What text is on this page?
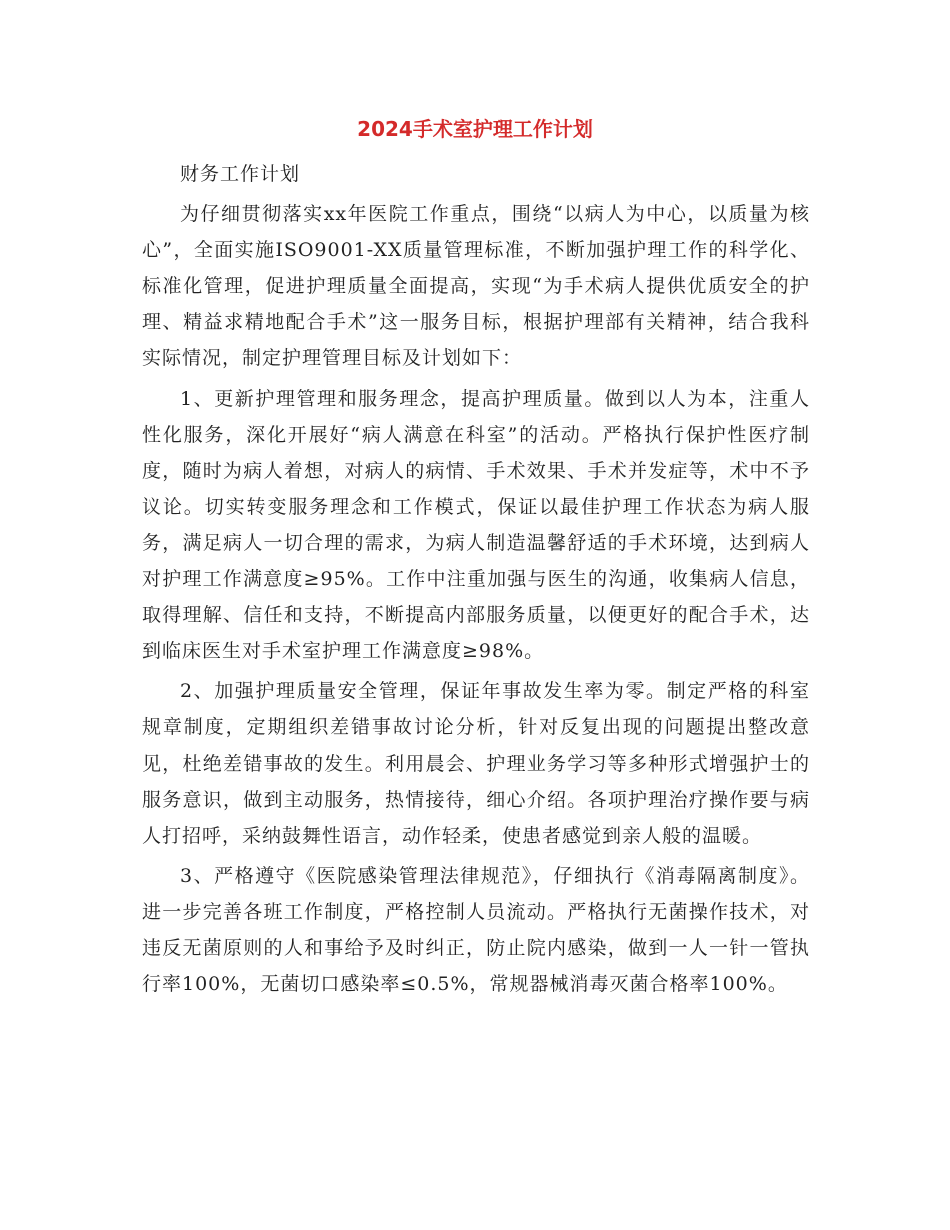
2024手术室护理工作计划

财务工作计划

为仔细贯彻落实xx年医院工作重点，围绕“以病人为中心，以质量为核心”，全面实施ISO9001-XX质量管理标准，不断加强护理工作的科学化、标准化管理，促进护理质量全面提高，实现“为手术病人提供优质安全的护理、精益求精地配合手术”这一服务目标，根据护理部有关精神，结合我科实际情况，制定护理管理目标及计划如下：

1、更新护理管理和服务理念，提高护理质量。做到以人为本，注重人性化服务，深化开展好“病人满意在科室”的活动。严格执行保护性医疗制度，随时为病人着想，对病人的病情、手术效果、手术并发症等，术中不予议论。切实转变服务理念和工作模式，保证以最佳护理工作状态为病人服务，满足病人一切合理的需求，为病人制造温馨舒适的手术环境，达到病人对护理工作满意度≥95%。工作中注重加强与医生的沟通，收集病人信息，取得理解、信任和支持，不断提高内部服务质量，以便更好的配合手术，达到临床医生对手术室护理工作满意度≥98%。

2、加强护理质量安全管理，保证年事故发生率为零。制定严格的科室规章制度，定期组织差错事故讨论分析，针对反复出现的问题提出整改意见，杜绝差错事故的发生。利用晨会、护理业务学习等多种形式增强护士的服务意识，做到主动服务，热情接待，细心介绍。各项护理治疗操作要与病人打招呼，采纳鼓舞性语言，动作轻柔，使患者感觉到亲人般的温暖。

3、严格遵守《医院感染管理法律规范》，仔细执行《消毒隔离制度》。进一步完善各班工作制度，严格控制人员流动。严格执行无菌操作技术，对违反无菌原则的人和事给予及时纠正，防止院内感染，做到一人一针一管执行率100%，无菌切口感染率≤0.5%，常规器械消毒灭菌合格率100%。
